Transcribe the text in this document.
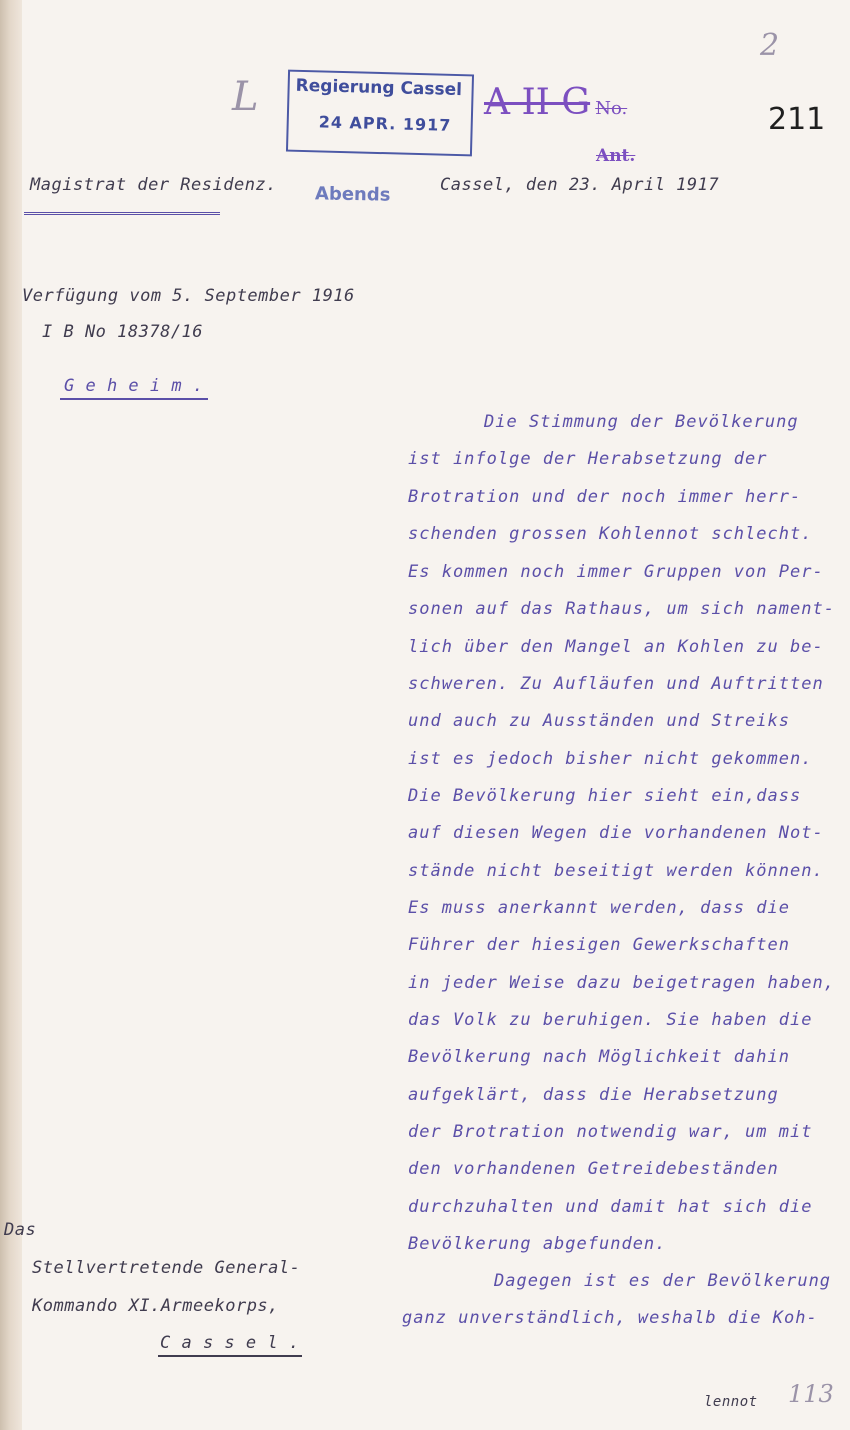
2
L Regierung Cassel
24 APR. 1917
Abends
A II G No.
Ant.
211
Magistrat der Residenz.	Cassel, den 23. April 1917
Verfügung vom 5. September 1916
I B No 18378/16
G e h e i m .
Die Stimmung der Bevölkerung
ist infolge der Herabsetzung der
Brotration und der noch immer herr-
schenden grossen Kohlennot schlecht.
Es kommen noch immer Gruppen von Per-
sonen auf das Rathaus, um sich nament-
lich über den Mangel an Kohlen zu be-
schweren. Zu Aufläufen und Auftritten
und auch zu Ausständen und Streiks
ist es jedoch bisher nicht gekommen.
Die Bevölkerung hier sieht ein,dass
auf diesen Wegen die vorhandenen Not-
stände nicht beseitigt werden können.
Es muss anerkannt werden, dass die
Führer der hiesigen Gewerkschaften
in jeder Weise dazu beigetragen haben,
das Volk zu beruhigen. Sie haben die
Bevölkerung nach Möglichkeit dahin
aufgeklärt, dass die Herabsetzung
der Brotration notwendig war, um mit
den vorhandenen Getreidebeständen
durchzuhalten und damit hat sich die
Bevölkerung abgefunden.
Dagegen ist es der Bevölkerung
ganz unverständlich, weshalb die Koh-
Das
Stellvertretende General-
Kommando XI.Armeekorps,
C a s s e l .
lennot 113
